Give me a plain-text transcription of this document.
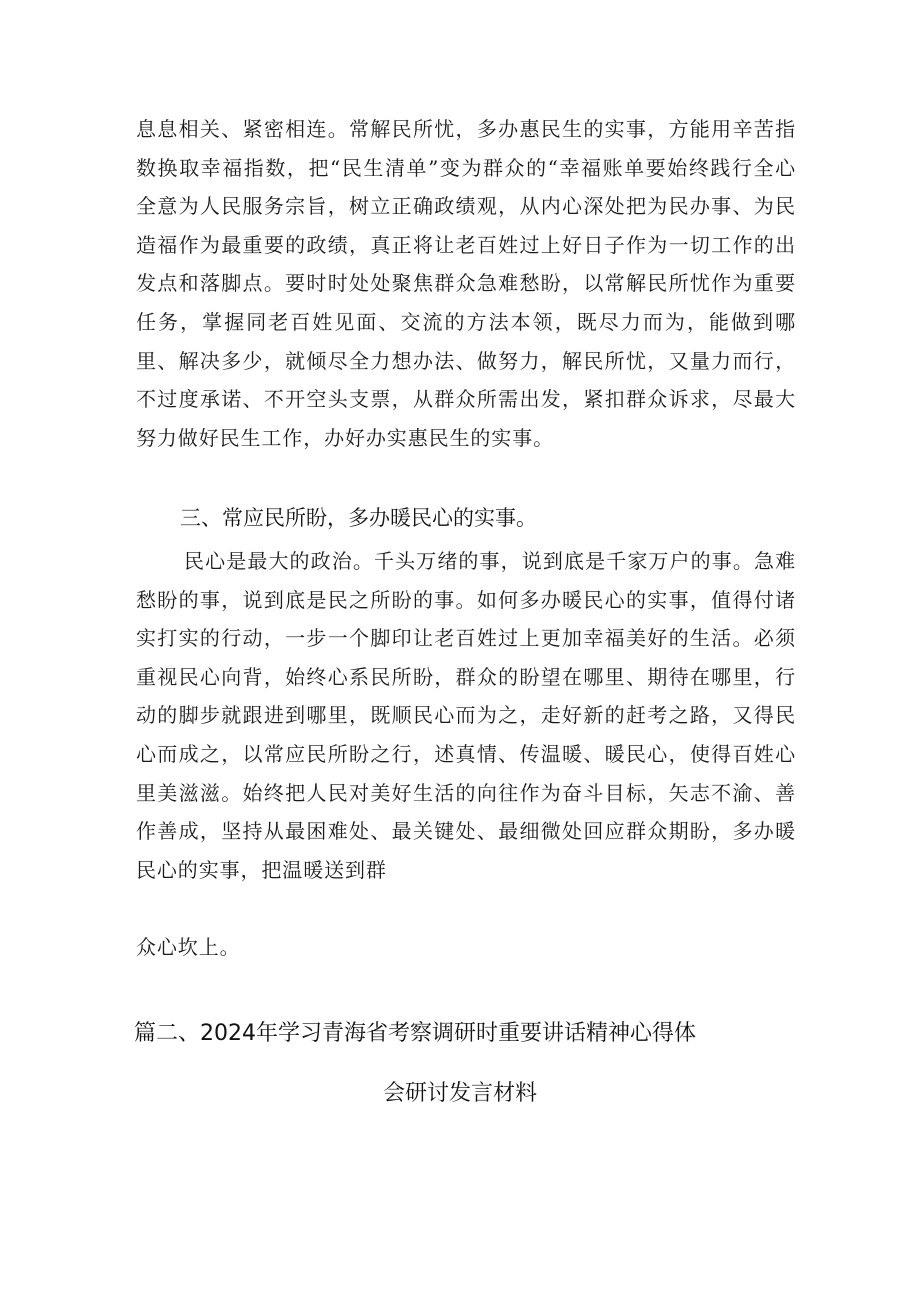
息息相关、紧密相连。常解民所忧，多办惠民生的实事，方能用辛苦指数换取幸福指数，把“民生清单”变为群众的“幸福账单要始终践行全心全意为人民服务宗旨，树立正确政绩观，从内心深处把为民办事、为民造福作为最重要的政绩，真正将让老百姓过上好日子作为一切工作的出发点和落脚点。要时时处处聚焦群众急难愁盼，以常解民所忧作为重要任务，掌握同老百姓见面、交流的方法本领，既尽力而为，能做到哪里、解决多少，就倾尽全力想办法、做努力，解民所忧，又量力而行，不过度承诺、不开空头支票，从群众所需出发，紧扣群众诉求，尽最大努力做好民生工作，办好办实惠民生的实事。

三、常应民所盼，多办暖民心的实事。

民心是最大的政治。千头万绪的事，说到底是千家万户的事。急难愁盼的事，说到底是民之所盼的事。如何多办暖民心的实事，值得付诸实打实的行动，一步一个脚印让老百姓过上更加幸福美好的生活。必须重视民心向背，始终心系民所盼，群众的盼望在哪里、期待在哪里，行动的脚步就跟进到哪里，既顺民心而为之，走好新的赶考之路，又得民心而成之，以常应民所盼之行，述真情、传温暖、暖民心，使得百姓心里美滋滋。始终把人民对美好生活的向往作为奋斗目标，矢志不渝、善作善成，坚持从最困难处、最关键处、最细微处回应群众期盼，多办暖民心的实事，把温暖送到群

众心坎上。

篇二、2024年学习青海省考察调研时重要讲话精神心得体

会研讨发言材料
